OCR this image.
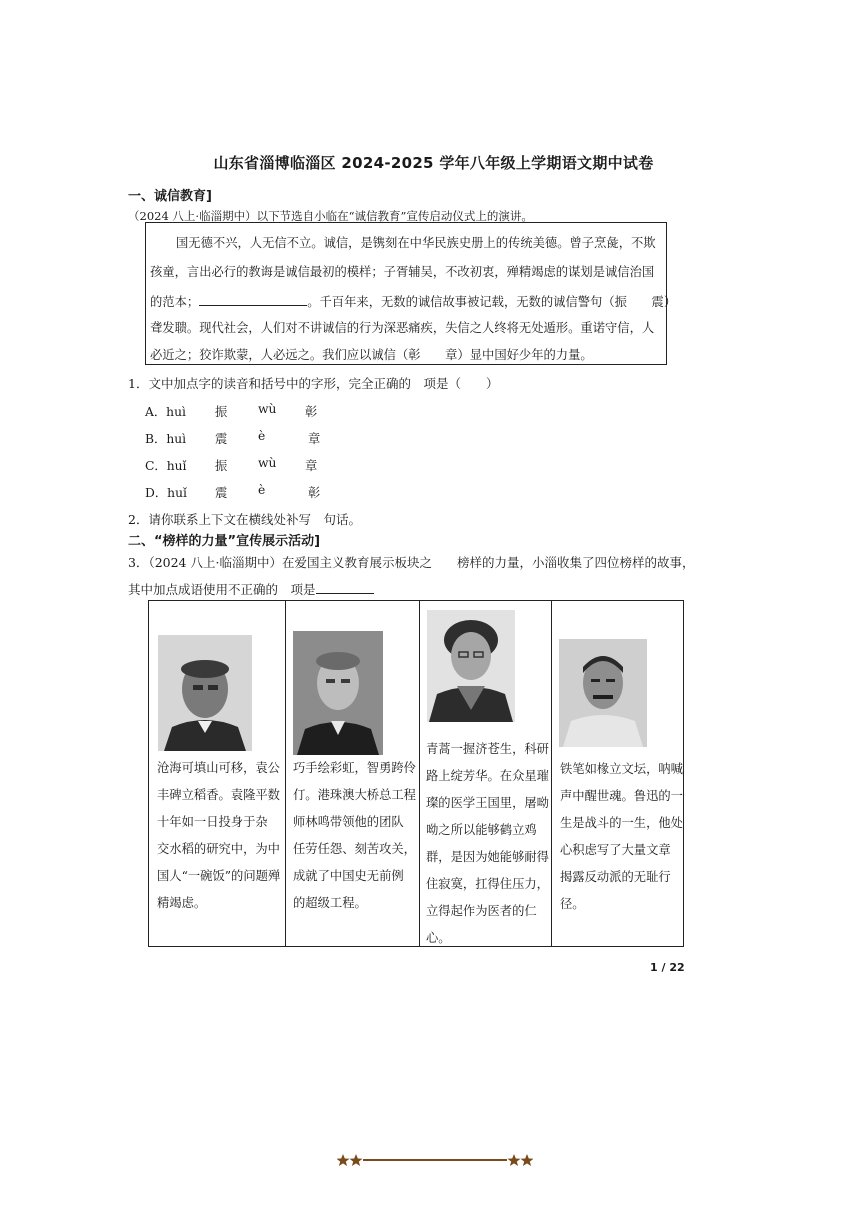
山东省淄博临淄区 2024-2025 学年八年级上学期语文期中试卷
一、诚信教育]
（2024 八上·临淄期中）以下节选自小临在“诚信教育”宣传启动仪式上的演讲。
国无德不兴，人无信不立。诚信，是镌刻在中华民族史册上的传统美德。曾子烹彘，不欺
孩童，言出必行的教诲是诚信最初的模样；子胥辅吴，不改初衷，殚精竭虑的谋划是诚信治国
的范本；	。千百年来，无数的诚信故事被记载，无数的诚信警句（振　　震）
聋发聩。现代社会，人们对不讲诚信的行为深恶痛疾，失信之人终将无处遁形。重诺守信，人
必近之；狡诈欺蒙，人必远之。我们应以诚信（彰　　章）显中国好少年的力量。
1．文中加点字的读音和括号中的字形，完全正确的　项是（　　）
A．huì 振 wù 彰
B．huì 震 è	章
C．huǐ 振 wù 章
D．huǐ 震 è	彰
2．请你联系上下文在横线处补写　句话。
二、“榜样的力量”宣传展示活动]
3．（2024 八上·临淄期中）在爱国主义教育展示板块之　　榜样的力量，小淄收集了四位榜样的故事，
其中加点成语使用不正确的　项是
沧海可填山可移，袁公
丰碑立稻香。袁隆平数
十年如一日投身于杂
交水稻的研究中，为中
国人“一碗饭”的问题殚
精竭虑。
巧手绘彩虹，智勇跨伶
仃。港珠澳大桥总工程
师林鸣带领他的团队
任劳任怨、刻苦攻关，
成就了中国史无前例
的超级工程。
青蒿一握济苍生，科研
路上绽芳华。在众星璀
璨的医学王国里，屠呦
呦之所以能够鹤立鸡
群，是因为她能够耐得
住寂寞，扛得住压力，
立得起作为医者的仁
心。
铁笔如椽立文坛，呐喊
声中醒世魂。鲁迅的一
生是战斗的一生，他处
心积虑写了大量文章
揭露反动派的无耻行
径。
1 / 22
